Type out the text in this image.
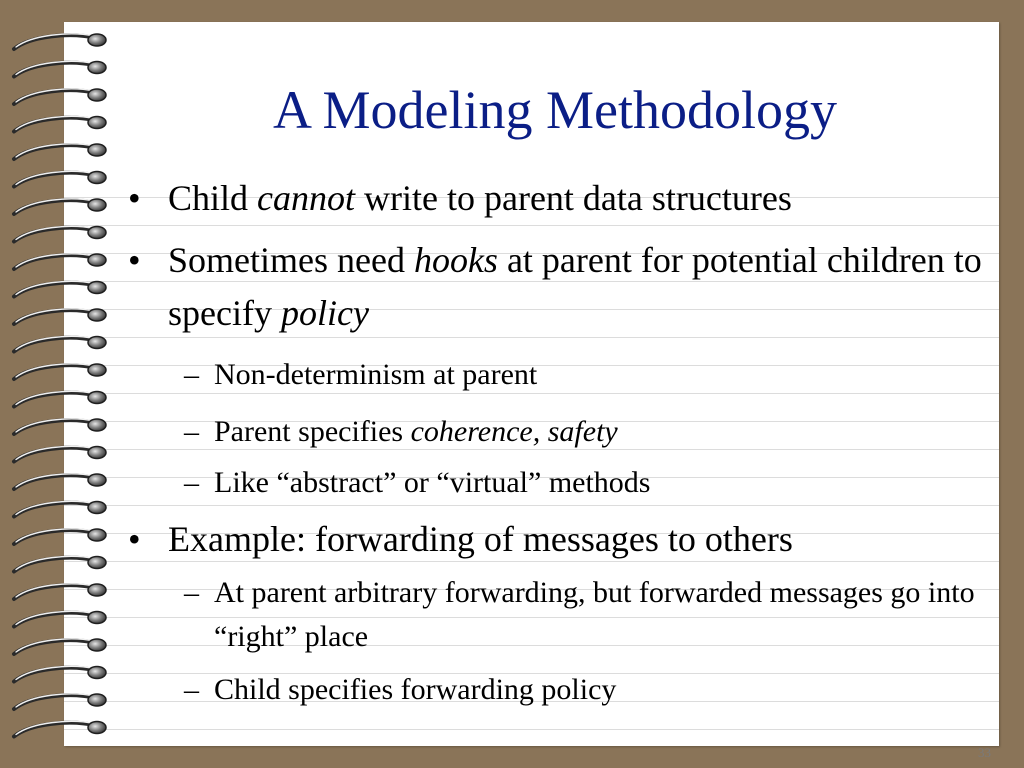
A Modeling Methodology
• Child cannot write to parent data structures
• Sometimes need hooks at parent for potential children to specify policy
– Non-determinism at parent
– Parent specifies coherence, safety
– Like “abstract” or “virtual” methods
• Example: forwarding of messages to others
– At parent arbitrary forwarding, but forwarded messages go into “right” place
– Child specifies forwarding policy
33
